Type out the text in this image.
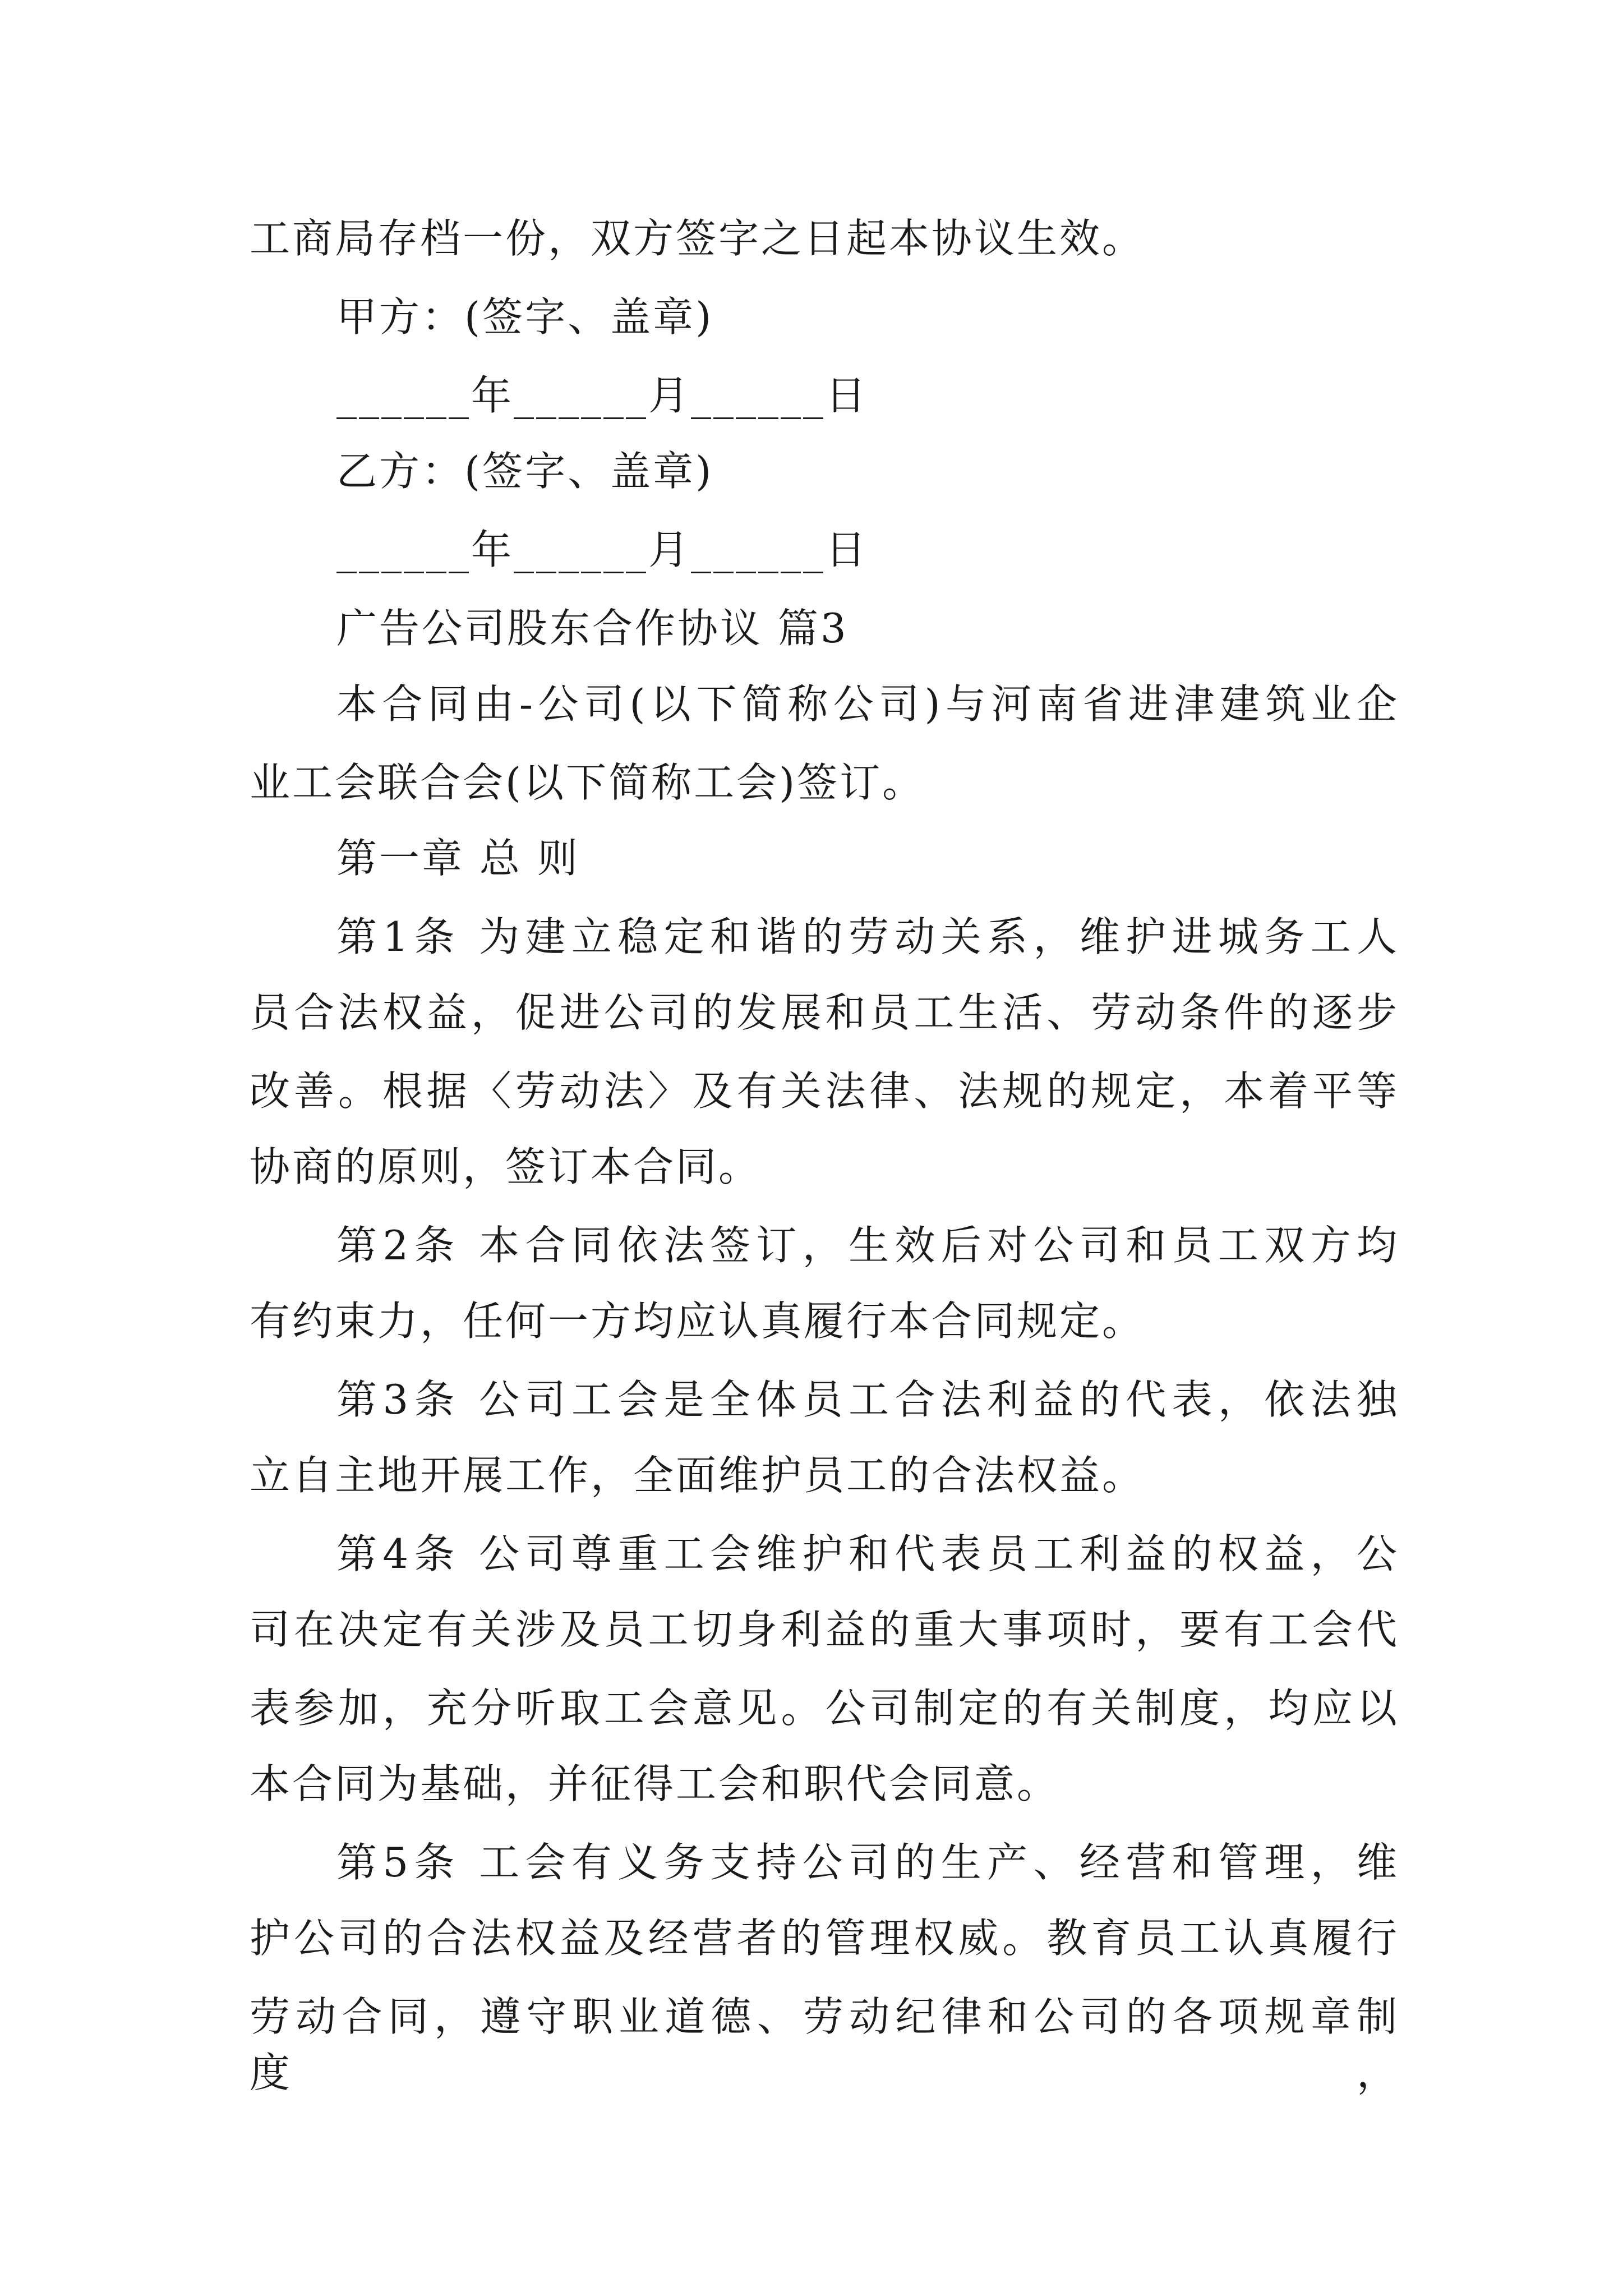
工商局存档一份，双方签字之日起本协议生效。
甲方：(签字、盖章)
______年______月______日
乙方：(签字、盖章)
______年______月______日
广告公司股东合作协议 篇3
本合同由-公司(以下简称公司)与河南省进津建筑业企
业工会联合会(以下简称工会)签订。
第一章 总 则
第1条 为建立稳定和谐的劳动关系，维护进城务工人
员合法权益，促进公司的发展和员工生活、劳动条件的逐步
改善。根据〈劳动法〉及有关法律、法规的规定，本着平等
协商的原则，签订本合同。
第2条 本合同依法签订，生效后对公司和员工双方均
有约束力，任何一方均应认真履行本合同规定。
第3条 公司工会是全体员工合法利益的代表，依法独
立自主地开展工作，全面维护员工的合法权益。
第4条 公司尊重工会维护和代表员工利益的权益，公
司在决定有关涉及员工切身利益的重大事项时，要有工会代
表参加，充分听取工会意见。公司制定的有关制度，均应以
本合同为基础，并征得工会和职代会同意。
第5条 工会有义务支持公司的生产、经营和管理，维
护公司的合法权益及经营者的管理权威。教育员工认真履行
劳动合同，遵守职业道德、劳动纪律和公司的各项规章制度，
